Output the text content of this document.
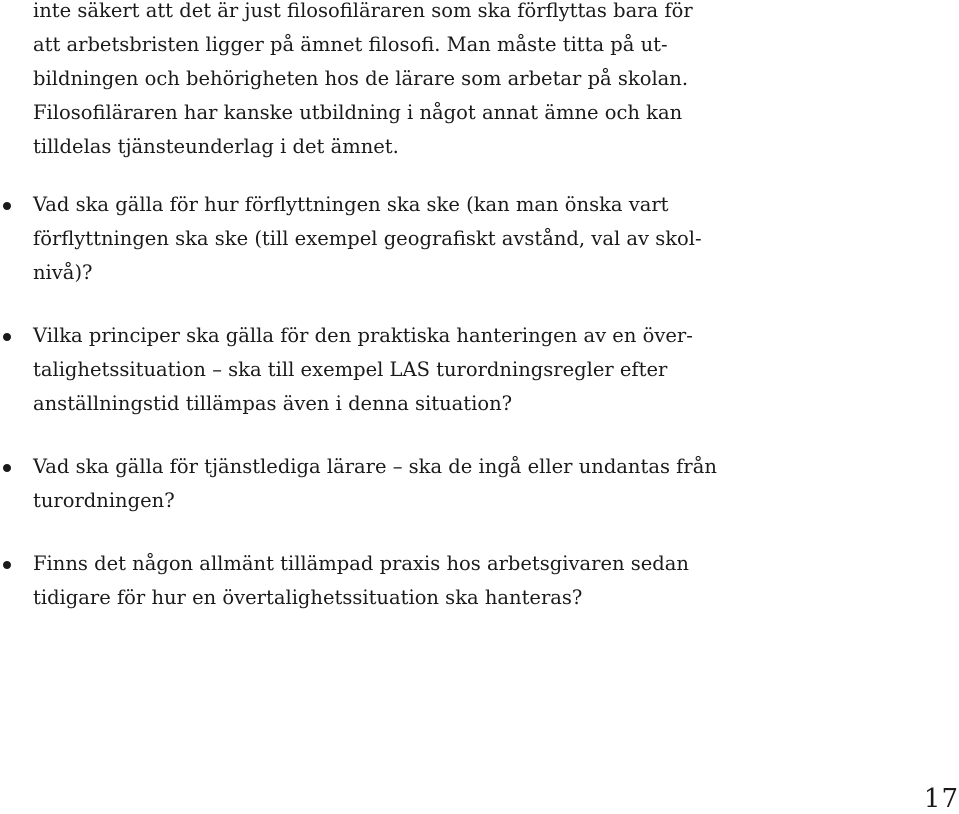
inte säkert att det är just filosofiläraren som ska förflyttas bara för
att arbetsbristen ligger på ämnet filosofi. Man måste titta på ut-
bildningen och behörigheten hos de lärare som arbetar på skolan.
Filosofiläraren har kanske utbildning i något annat ämne och kan
tilldelas tjänsteunderlag i det ämnet.
Vad ska gälla för hur förflyttningen ska ske (kan man önska vart
förflyttningen ska ske (till exempel geografiskt avstånd, val av skol-
nivå)?
Vilka principer ska gälla för den praktiska hanteringen av en över-
talighetssituation – ska till exempel LAS turordningsregler efter
anställningstid tillämpas även i denna situation?
Vad ska gälla för tjänstlediga lärare – ska de ingå eller undantas från
turordningen?
Finns det någon allmänt tillämpad praxis hos arbetsgivaren sedan
tidigare för hur en övertalighetssituation ska hanteras?
17
